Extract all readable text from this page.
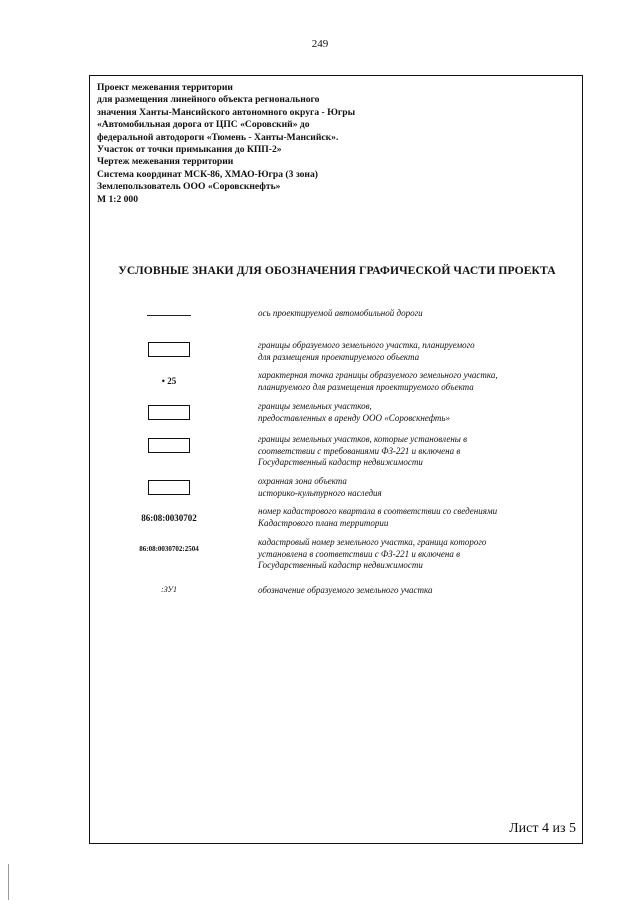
249
Проект межевания территории
для размещения линейного объекта регионального
значения Ханты-Мансийского автономного округа - Югры
«Автомобильная дорога от ЦПС «Соровский» до
федеральной автодороги «Тюмень - Ханты-Мансийск».
Участок от точки примыкания до КПП-2»
Чертеж межевания территории
Система координат МСК-86, ХМАО-Югра (3 зона)
Землепользователь ООО «Соровскнефть»
М 1:2 000
УСЛОВНЫЕ ЗНАКИ ДЛЯ ОБОЗНАЧЕНИЯ ГРАФИЧЕСКОЙ ЧАСТИ ПРОЕКТА
ось проектируемой автомобильной дороги
границы образуемого земельного участка, планируемого
для размещения проектируемого объекта
• 25
характерная точка границы образуемого земельного участка,
планируемого для размещения проектируемого объекта
границы земельных участков,
предоставленных в аренду ООО «Соровскнефть»
границы земельных участков, которые установлены в
соответствии с требованиями ФЗ-221 и включена в
Государственный кадастр недвижимости
охранная зона объекта
историко-культурного наследия
86:08:0030702
номер кадастрового квартала в соответствии со сведениями
Кадастрового плана территории
86:08:0030702:2504
кадастровый номер земельного участка, граница которого
установлена в соответствии с ФЗ-221 и включена в
Государственный кадастр недвижимости
:ЗУ1	обозначение образуемого земельного участка
Лист 4 из 5
